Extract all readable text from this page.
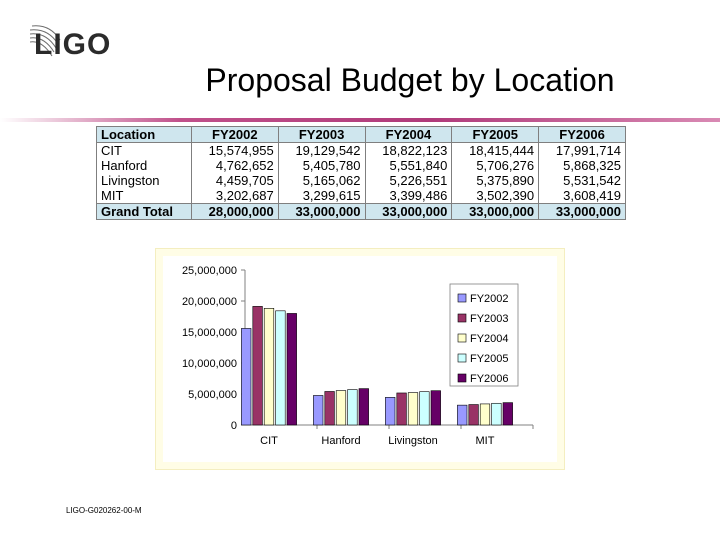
LIGO
Proposal Budget by Location
Location	FY2002	FY2003	FY2004	FY2005	FY2006
CIT	15,574,955	19,129,542	18,822,123	18,415,444	17,991,714
Hanford	4,762,652	5,405,780	5,551,840	5,706,276	5,868,325
Livingston	4,459,705	5,165,062	5,226,551	5,375,890	5,531,542
MIT	3,202,687	3,299,615	3,399,486	3,502,390	3,608,419
Grand Total	28,000,000	33,000,000	33,000,000	33,000,000	33,000,000
0
5,000,000
10,000,000
15,000,000
20,000,000
25,000,000
CIT	Hanford	Livingston	MIT
FY2002
FY2003
FY2004
FY2005
FY2006
LIGO-G020262-00-M
